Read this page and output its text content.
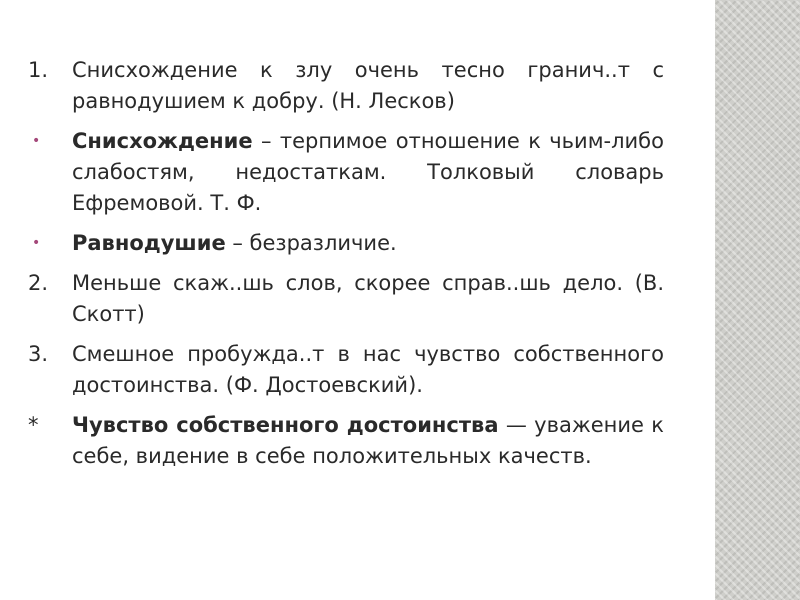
1. Снисхождение к злу очень тесно гранич..т с равнодушием к добру. (Н. Лесков)
• Снисхождение – терпимое отношение к чьим-либо слабостям, недостаткам. Толковый словарь Ефремовой. Т. Ф.
• Равнодушие – безразличие.
2. Меньше скаж..шь слов, скорее справ..шь дело. (В. Скотт)
3. Смешное пробужда..т в нас чувство собственного достоинства. (Ф. Достоевский).
* Чувство собственного достоинства — уважение к себе, видение в себе положительных качеств.
